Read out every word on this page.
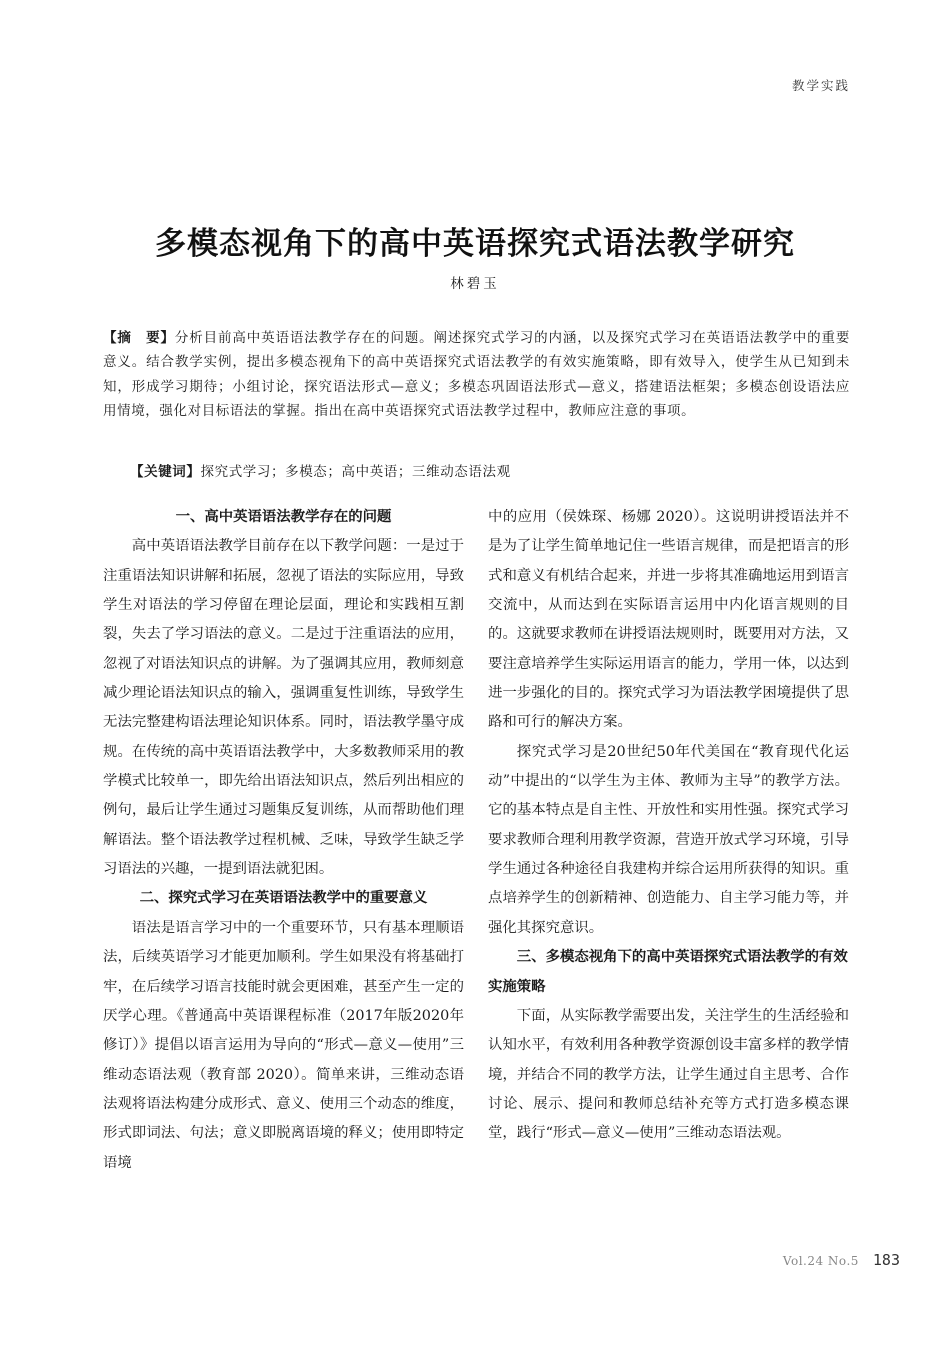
教学实践
多模态视角下的高中英语探究式语法教学研究
林碧玉
【摘　要】分析目前高中英语语法教学存在的问题。阐述探究式学习的内涵，以及探究式学习在英语语法教学中的重要意义。结合教学实例，提出多模态视角下的高中英语探究式语法教学的有效实施策略，即有效导入，使学生从已知到未知，形成学习期待；小组讨论，探究语法形式—意义；多模态巩固语法形式—意义，搭建语法框架；多模态创设语法应用情境，强化对目标语法的掌握。指出在高中英语探究式语法教学过程中，教师应注意的事项。
【关键词】探究式学习；多模态；高中英语；三维动态语法观
一、高中英语语法教学存在的问题

高中英语语法教学目前存在以下教学问题：一是过于注重语法知识讲解和拓展，忽视了语法的实际应用，导致学生对语法的学习停留在理论层面，理论和实践相互割裂，失去了学习语法的意义。二是过于注重语法的应用，忽视了对语法知识点的讲解。为了强调其应用，教师刻意减少理论语法知识点的输入，强调重复性训练，导致学生无法完整建构语法理论知识体系。同时，语法教学墨守成规。在传统的高中英语语法教学中，大多数教师采用的教学模式比较单一，即先给出语法知识点，然后列出相应的例句，最后让学生通过习题集反复训练，从而帮助他们理解语法。整个语法教学过程机械、乏味，导致学生缺乏学习语法的兴趣，一提到语法就犯困。

二、探究式学习在英语语法教学中的重要意义

语法是语言学习中的一个重要环节，只有基本理顺语法，后续英语学习才能更加顺利。学生如果没有将基础打牢，在后续学习语言技能时就会更困难，甚至产生一定的厌学心理。《普通高中英语课程标准（2017年版2020年修订）》提倡以语言运用为导向的“形式—意义—使用”三维动态语法观（教育部 2020）。简单来讲，三维动态语法观将语法构建分成形式、意义、使用三个动态的维度，形式即词法、句法；意义即脱离语境的释义；使用即特定语境

中的应用（侯姝琛、杨娜 2020）。这说明讲授语法并不是为了让学生简单地记住一些语言规律，而是把语言的形式和意义有机结合起来，并进一步将其准确地运用到语言交流中，从而达到在实际语言运用中内化语言规则的目的。这就要求教师在讲授语法规则时，既要用对方法，又要注意培养学生实际运用语言的能力，学用一体，以达到进一步强化的目的。探究式学习为语法教学困境提供了思路和可行的解决方案。

探究式学习是20世纪50年代美国在“教育现代化运动”中提出的“以学生为主体、教师为主导”的教学方法。它的基本特点是自主性、开放性和实用性强。探究式学习要求教师合理利用教学资源，营造开放式学习环境，引导学生通过各种途径自我建构并综合运用所获得的知识。重点培养学生的创新精神、创造能力、自主学习能力等，并强化其探究意识。

三、多模态视角下的高中英语探究式语法教学的有效实施策略

下面，从实际教学需要出发，关注学生的生活经验和认知水平，有效利用各种教学资源创设丰富多样的教学情境，并结合不同的教学方法，让学生通过自主思考、合作讨论、展示、提问和教师总结补充等方式打造多模态课堂，践行“形式—意义—使用”三维动态语法观。

Vol.24 No.5 183
